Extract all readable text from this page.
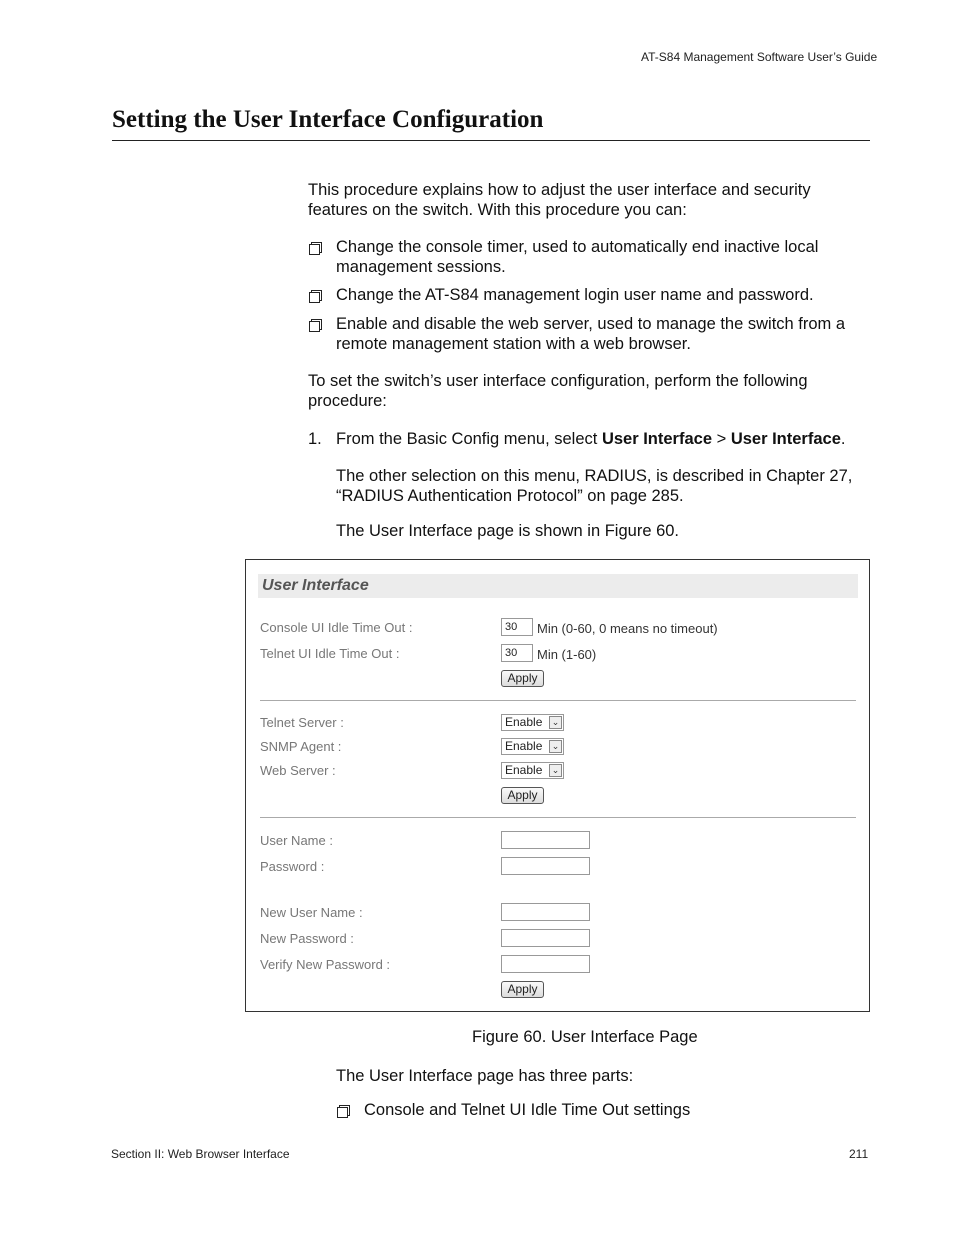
AT-S84 Management Software User’s Guide
Setting the User Interface Configuration
This procedure explains how to adjust the user interface and security
features on the switch. With this procedure you can:
Change the console timer, used to automatically end inactive local
management sessions.
Change the AT-S84 management login user name and password.
Enable and disable the web server, used to manage the switch from a
remote management station with a web browser.
To set the switch’s user interface configuration, perform the following
procedure:
1. From the Basic Config menu, select User Interface > User Interface.
The other selection on this menu, RADIUS, is described in Chapter 27,
“RADIUS Authentication Protocol” on page 285.
The User Interface page is shown in Figure 60.
User Interface
Console UI Idle Time Out :	30	Min (0-60, 0 means no timeout)
Telnet UI Idle Time Out :	30	Min (1-60)
Apply
Telnet Server :	Enable	⌄
SNMP Agent :	Enable	⌄
Web Server :	Enable	⌄
Apply
User Name :
Password :
New User Name :
New Password :
Verify New Password :
Apply
Figure 60. User Interface Page
The User Interface page has three parts:
Console and Telnet UI Idle Time Out settings
Section II: Web Browser Interface	211
